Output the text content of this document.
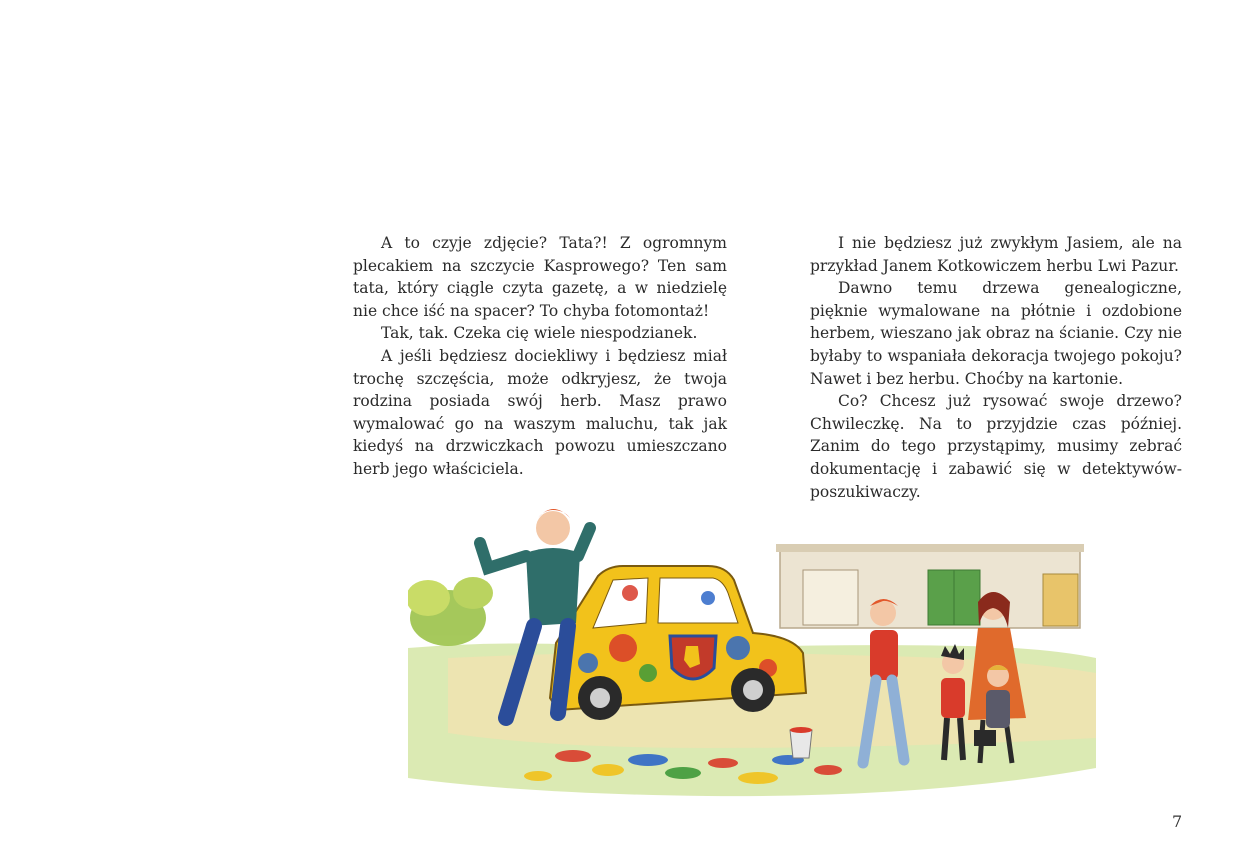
A to czyje zdjęcie? Tata?! Z ogromnym plecakiem na szczycie Kasprowego? Ten sam tata, który ciągle czyta gazetę, a w niedzielę nie chce iść na spacer? To chyba fotomontaż!

Tak, tak. Czeka cię wiele niespodzianek.

A jeśli będziesz dociekliwy i będziesz miał trochę szczęścia, może odkryjesz, że twoja rodzina posiada swój herb. Masz prawo wymalować go na waszym maluchu, tak jak kiedyś na drzwiczkach powozu umieszczano herb jego właściciela.

I nie będziesz już zwykłym Jasiem, ale na przykład Janem Kotkowiczem herbu Lwi Pazur.

Dawno temu drzewa genealogiczne, pięknie wymalowane na płótnie i ozdobione herbem, wieszano jak obraz na ścianie. Czy nie byłaby to wspaniała dekoracja twojego pokoju? Nawet i bez herbu. Choćby na kartonie.

Co? Chcesz już rysować swoje drzewo? Chwileczkę. Na to przyjdzie czas później. Zanim do tego przystąpimy, musimy zebrać dokumentację i zabawić się w detektywów-poszukiwaczy.

7
